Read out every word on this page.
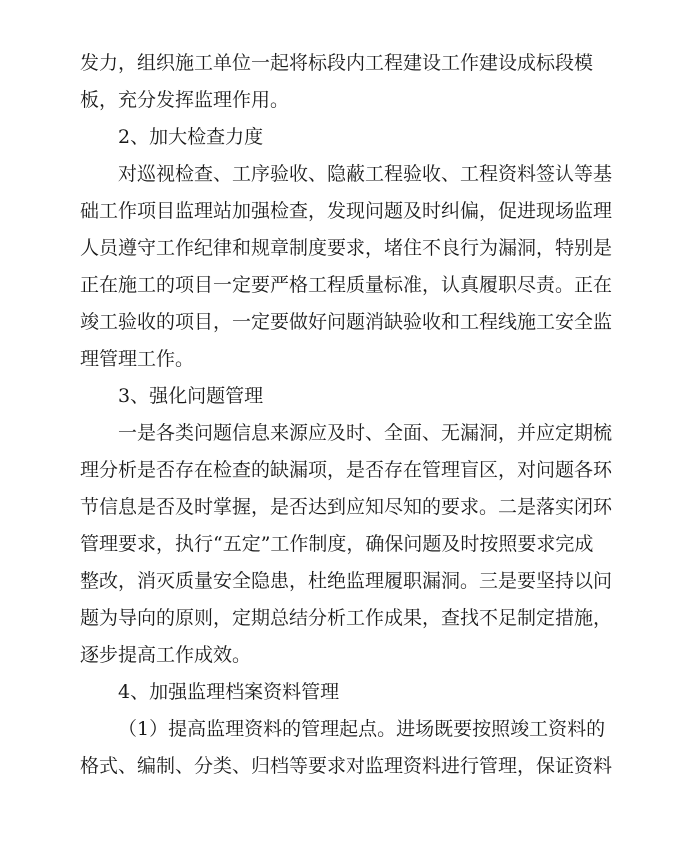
发力，组织施工单位一起将标段内工程建设工作建设成标段模
板，充分发挥监理作用。
2、加大检查力度
对巡视检查、工序验收、隐蔽工程验收、工程资料签认等基
础工作项目监理站加强检查，发现问题及时纠偏，促进现场监理
人员遵守工作纪律和规章制度要求，堵住不良行为漏洞，特别是
正在施工的项目一定要严格工程质量标准，认真履职尽责。正在
竣工验收的项目，一定要做好问题消缺验收和工程线施工安全监
理管理工作。
3、强化问题管理
一是各类问题信息来源应及时、全面、无漏洞，并应定期梳
理分析是否存在检查的缺漏项，是否存在管理盲区，对问题各环
节信息是否及时掌握，是否达到应知尽知的要求。二是落实闭环
管理要求，执行“五定”工作制度，确保问题及时按照要求完成
整改，消灭质量安全隐患，杜绝监理履职漏洞。三是要坚持以问
题为导向的原则，定期总结分析工作成果，查找不足制定措施，
逐步提高工作成效。
4、加强监理档案资料管理
（1）提高监理资料的管理起点。进场既要按照竣工资料的
格式、编制、分类、归档等要求对监理资料进行管理，保证资料
